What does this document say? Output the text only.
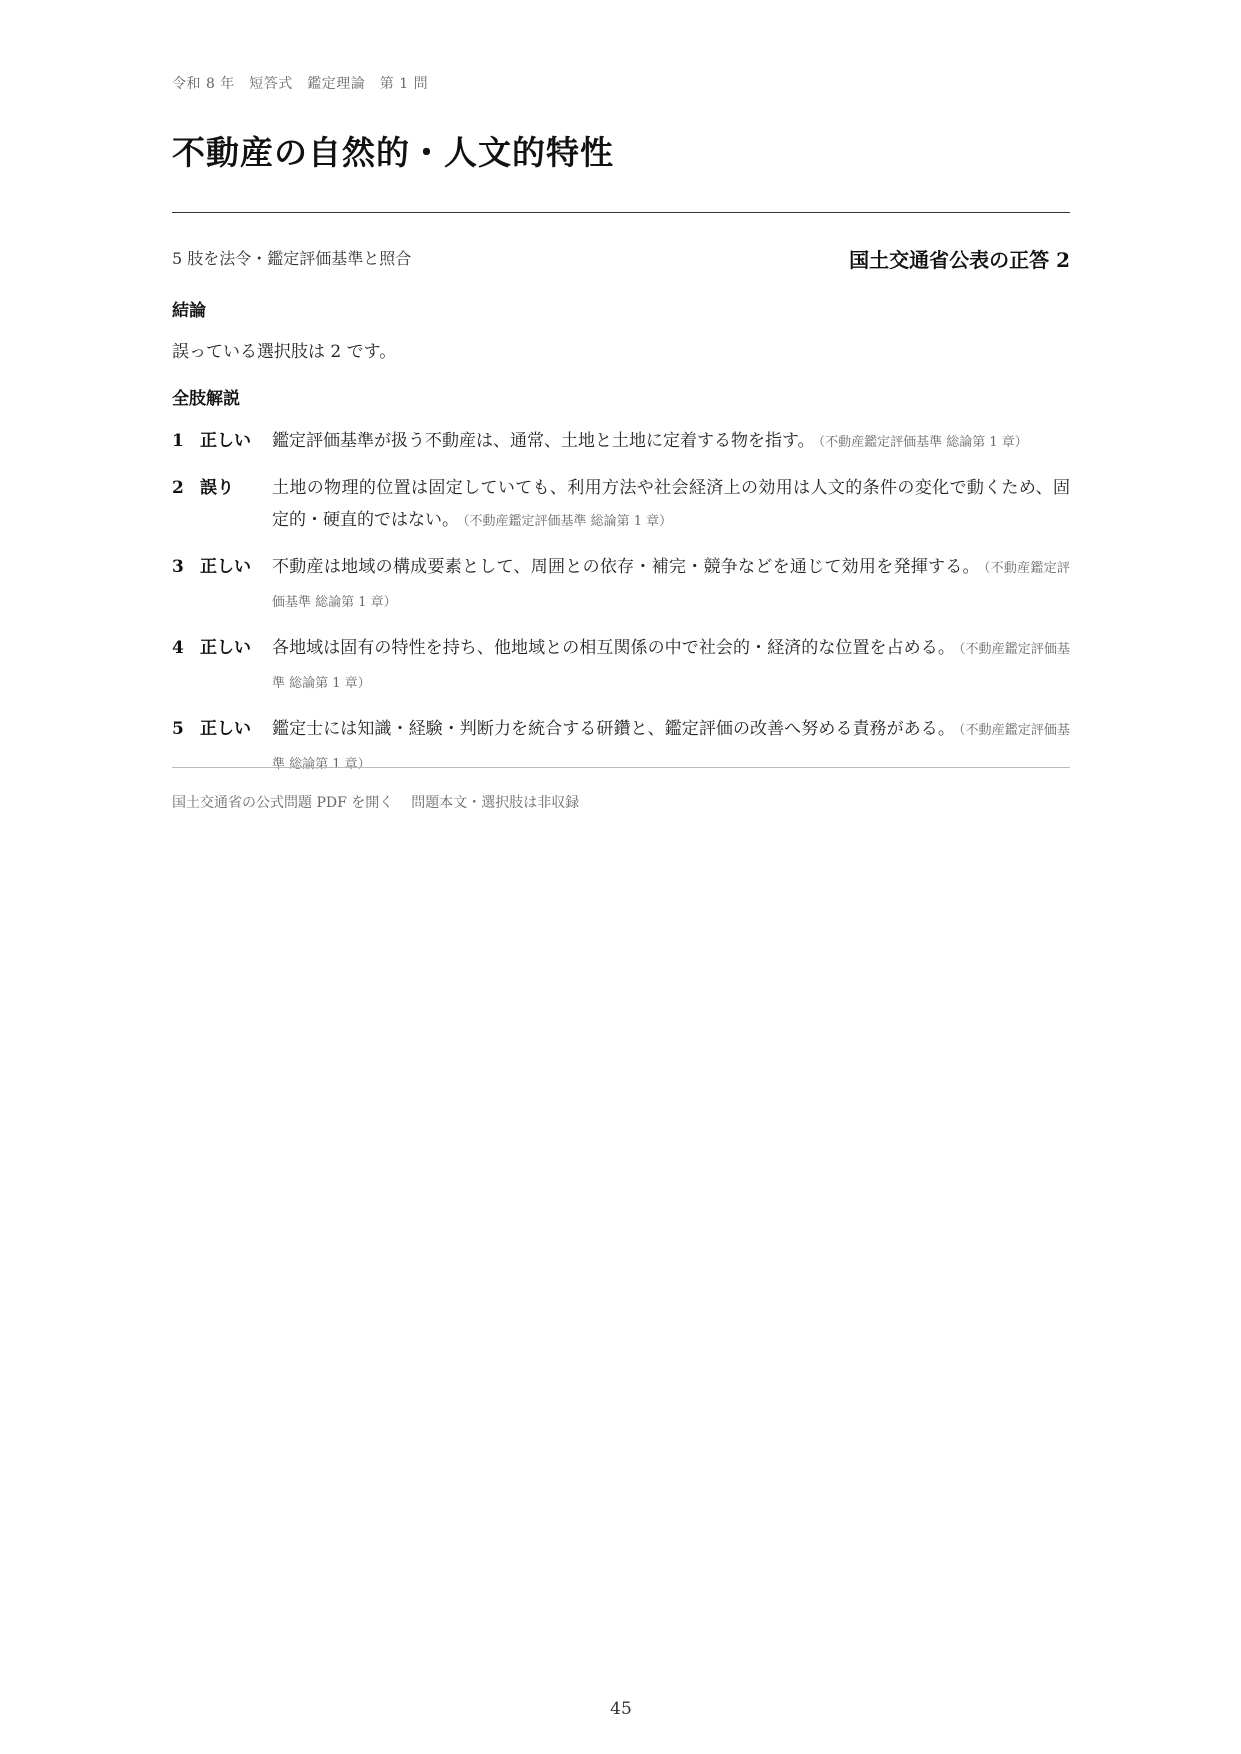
令和 8 年　短答式　鑑定理論　第 1 問
不動産の自然的・人文的特性
5 肢を法令・鑑定評価基準と照合	国土交通省公表の正答 2
結論
誤っている選択肢は 2 です。
全肢解説
1 正しい	鑑定評価基準が扱う不動産は、通常、土地と土地に定着する物を指す。 （不動産鑑定評価基準 総論第 1 章）
2 誤り	土地の物理的位置は固定していても、利用方法や社会経済上の効用は人文的条件の変化で動くため、固定的・硬直的ではない。 （不動産鑑定評価基準 総論第 1 章）
3 正しい	不動産は地域の構成要素として、周囲との依存・補完・競争などを通じて効用を発揮する。 （不動産鑑定評価基準 総論第 1 章）
4 正しい	各地域は固有の特性を持ち、他地域との相互関係の中で社会的・経済的な位置を占める。 （不動産鑑定評価基準 総論第 1 章）
5 正しい	鑑定士には知識・経験・判断力を統合する研鑽と、鑑定評価の改善へ努める責務がある。 （不動産鑑定評価基準 総論第 1 章）
国土交通省の公式問題 PDF を開く 問題本文・選択肢は非収録
45
